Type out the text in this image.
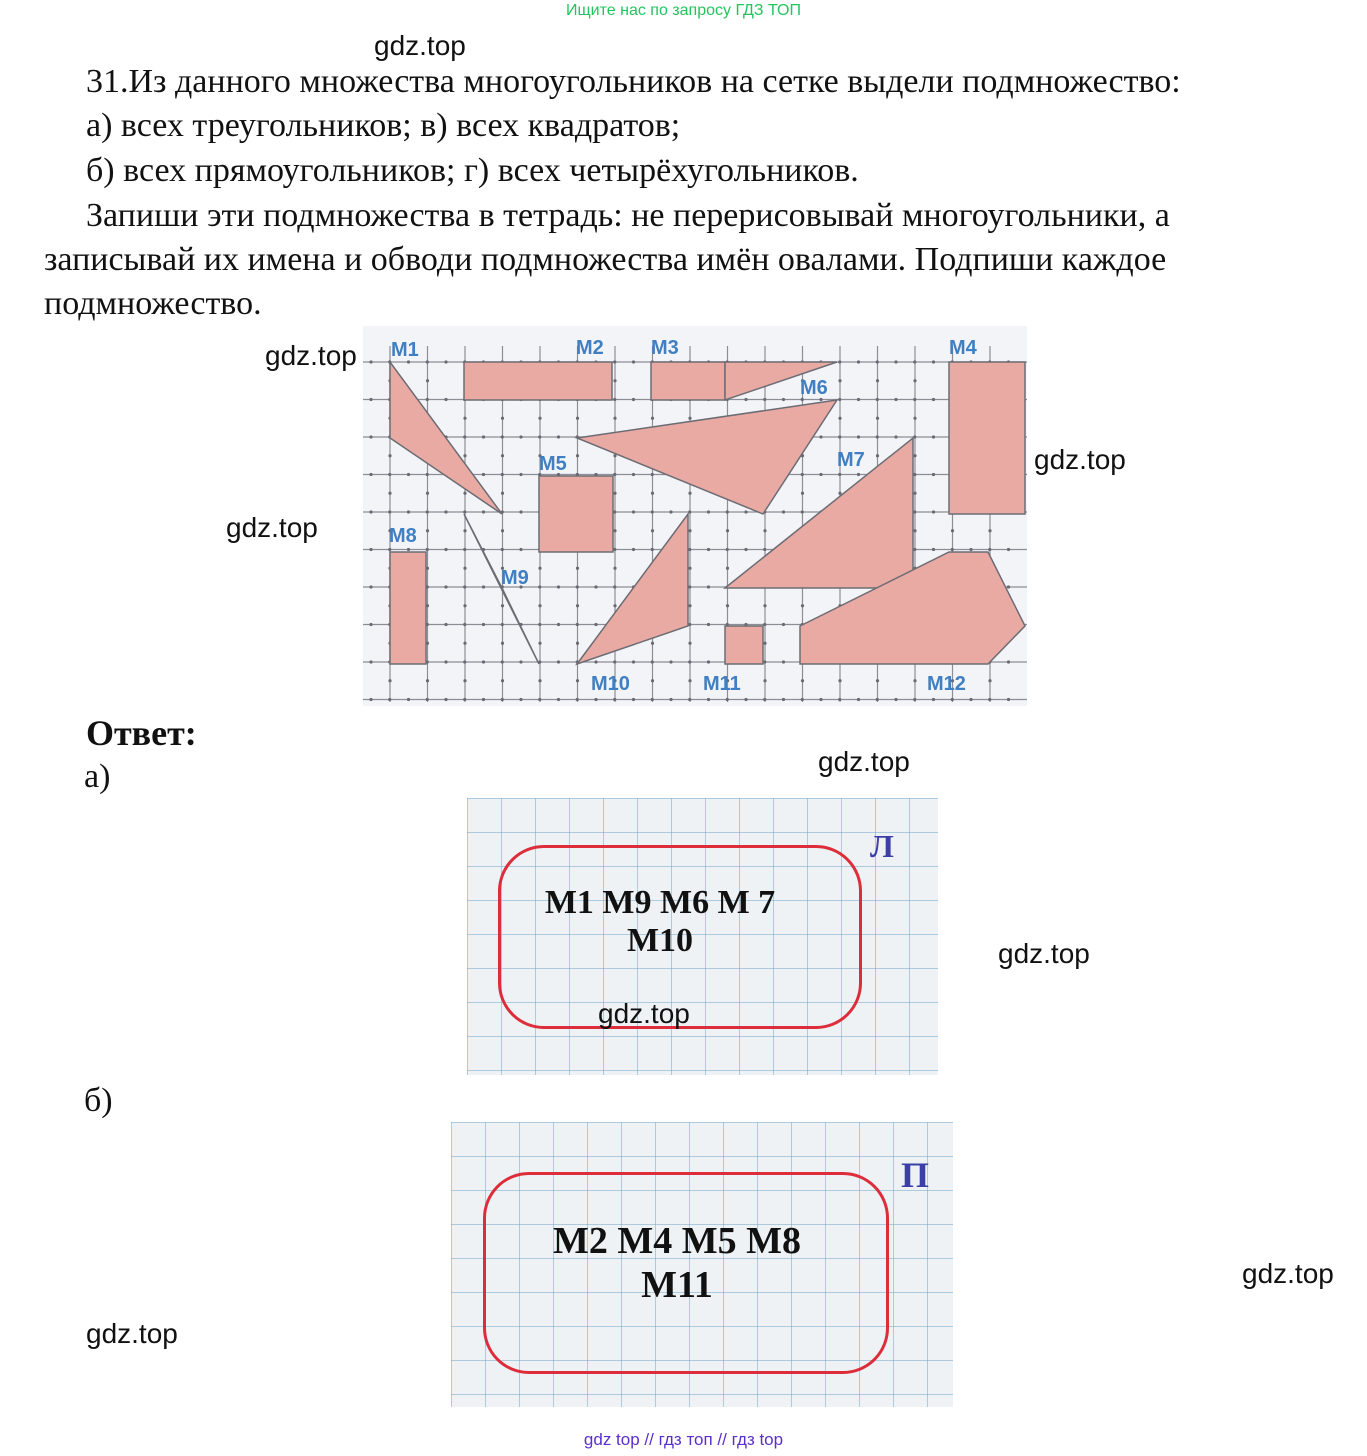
Ищите нас по запросу ГДЗ ТОП
gdz.top
31.Из данного множества многоугольников на сетке выдели подмножество:
а) всех треугольников; в) всех квадратов;
б) всех прямоугольников; г) всех четырёхугольников.
Запиши эти подмножества в тетрадь: не перерисовывай многоугольники, а
записывай их имена и обводи подмножества имён овалами. Подпиши каждое
подмножество.
gdz.top
gdz.top
gdz.top
M1	M2 M3	M4
M5
M6
M7
M8
M9
M10	M11	M12
Ответ:
а)	gdz.top
Л
M1 M9 M6 M 7
M10	gdz.top
gdz.top
б)
П
M2 M4 M5 M8
M11	gdz.top
gdz.top
gdz top // гдз топ // гдз top
